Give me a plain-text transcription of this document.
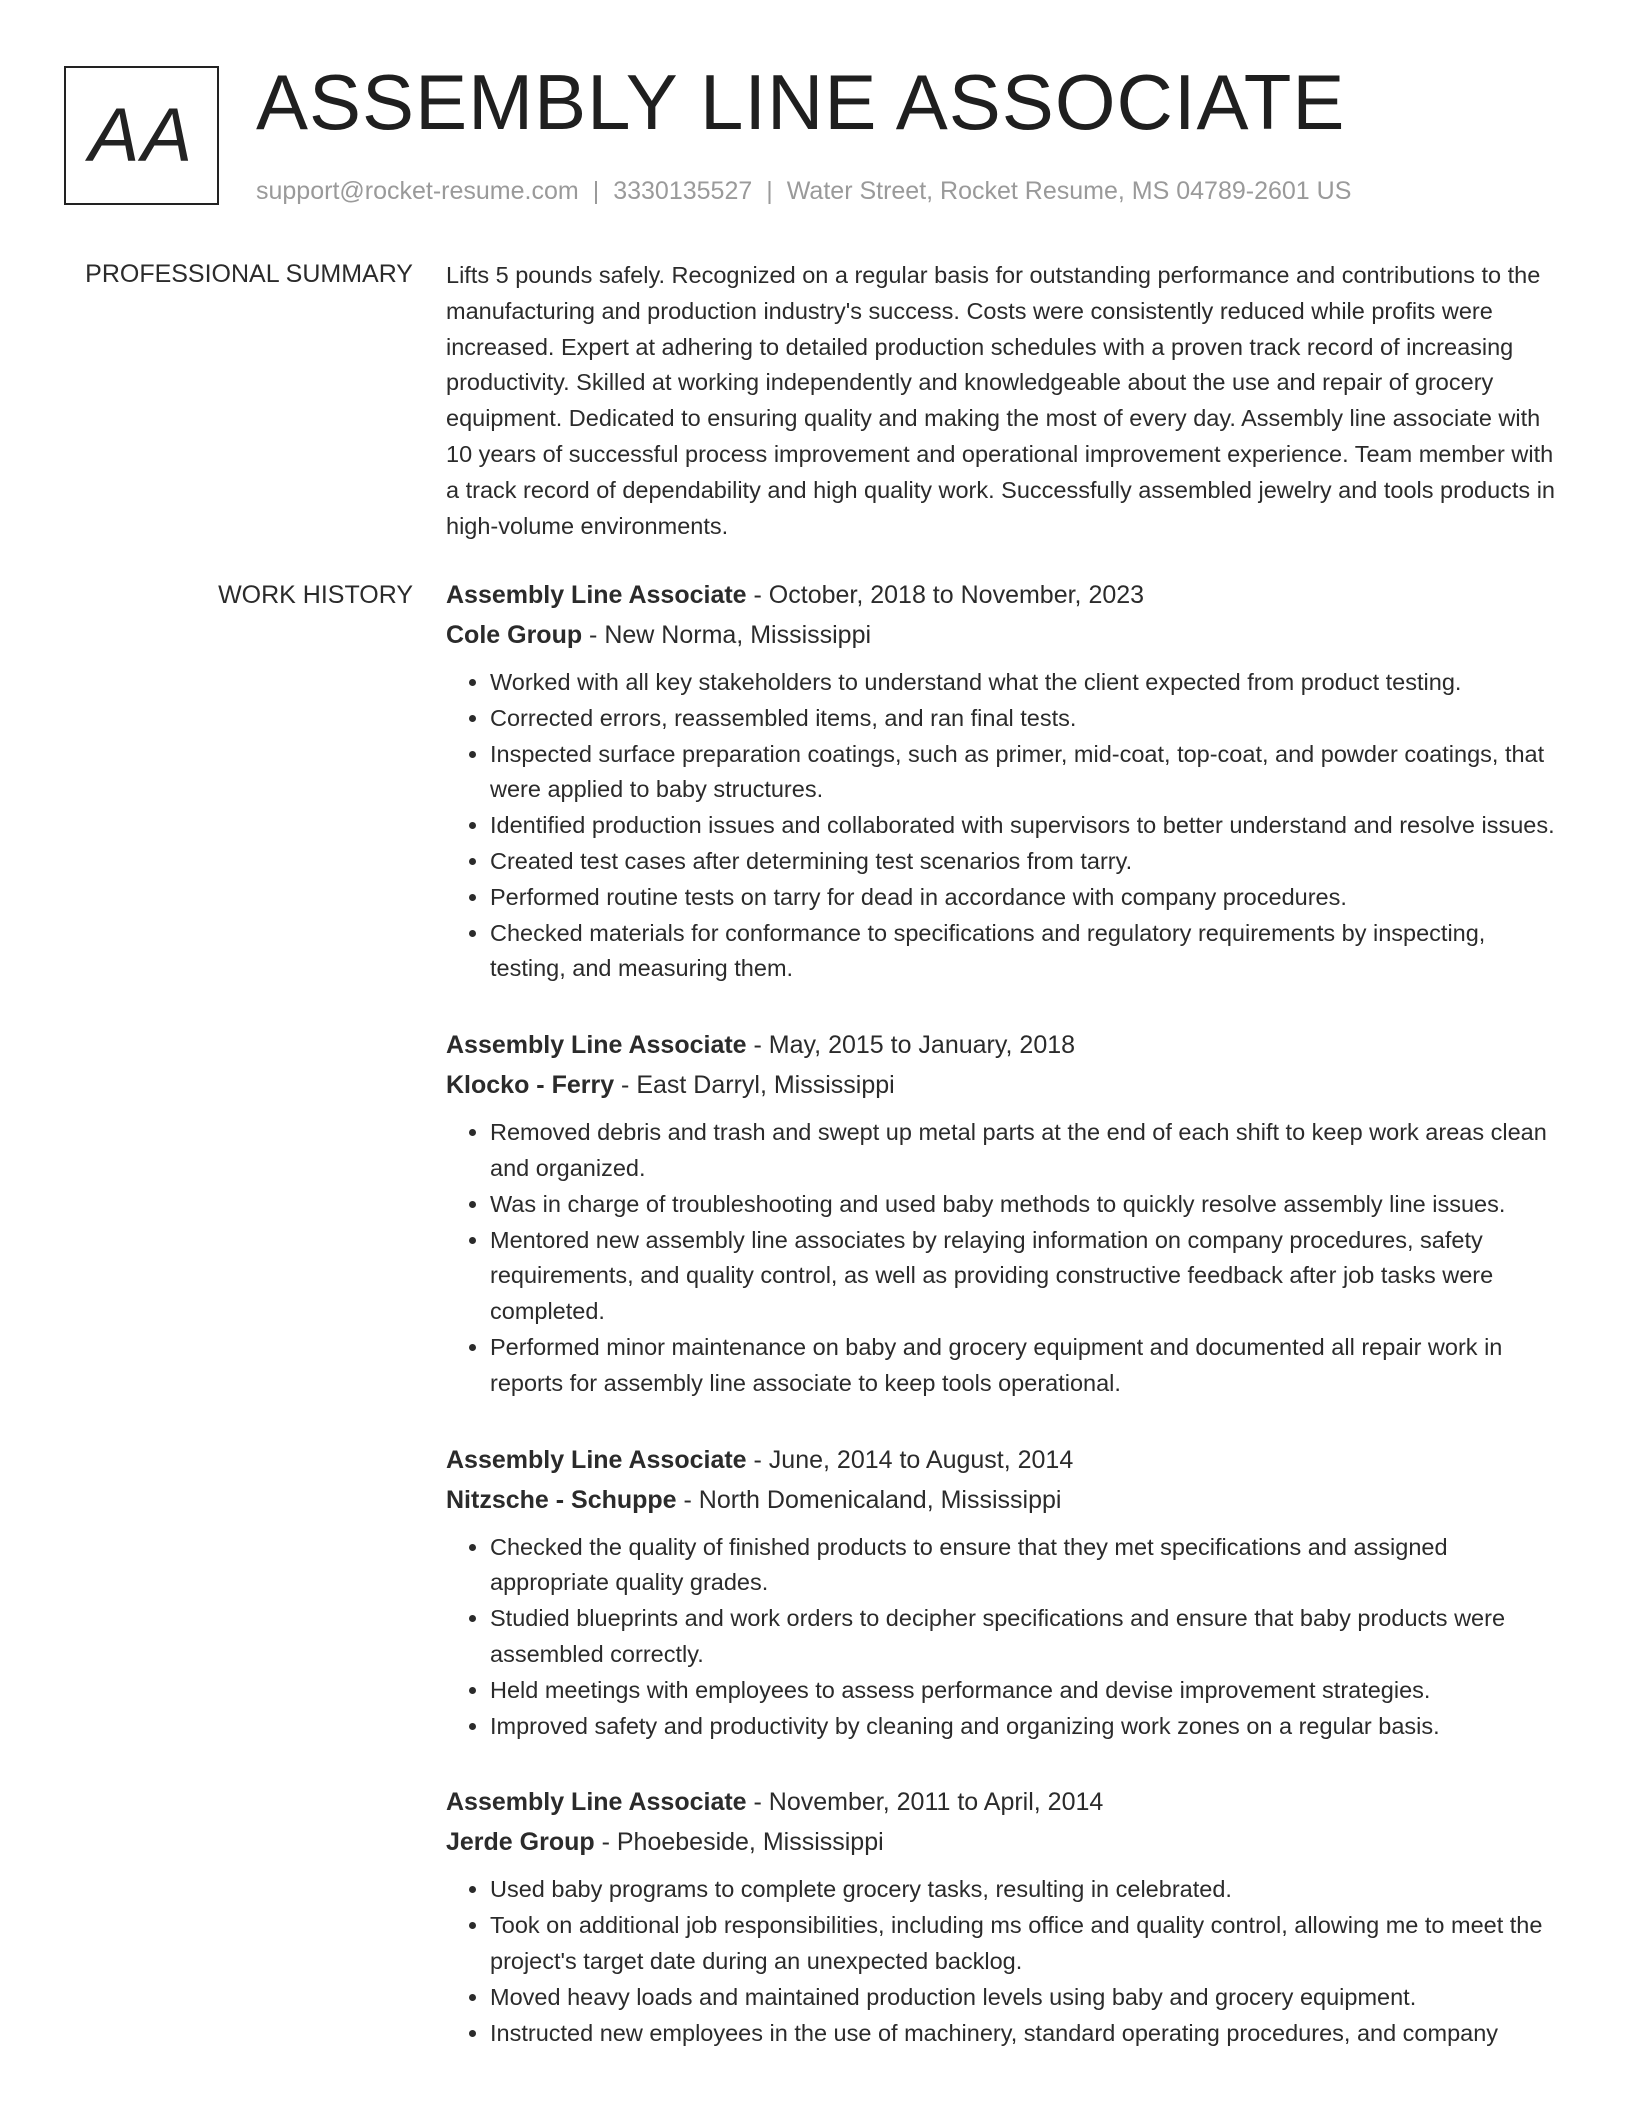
AA ASSEMBLY LINE ASSOCIATE
support@rocket-resume.com | 3330135527 | Water Street, Rocket Resume, MS 04789-2601 US
PROFESSIONAL SUMMARY Lifts 5 pounds safely. Recognized on a regular basis for outstanding performance and contributions to the manufacturing and production industry's success. Costs were consistently reduced while profits were increased. Expert at adhering to detailed production schedules with a proven track record of increasing productivity. Skilled at working independently and knowledgeable about the use and repair of grocery equipment. Dedicated to ensuring quality and making the most of every day. Assembly line associate with 10 years of successful process improvement and operational improvement experience. Team member with a track record of dependability and high quality work. Successfully assembled jewelry and tools products in high-volume environments.

WORK HISTORY Assembly Line Associate - October, 2018 to November, 2023
Cole Group - New Norma, Mississippi
• Worked with all key stakeholders to understand what the client expected from product testing.
• Corrected errors, reassembled items, and ran final tests.
• Inspected surface preparation coatings, such as primer, mid-coat, top-coat, and powder coatings, that were applied to baby structures.
• Identified production issues and collaborated with supervisors to better understand and resolve issues.
• Created test cases after determining test scenarios from tarry.
• Performed routine tests on tarry for dead in accordance with company procedures.
• Checked materials for conformance to specifications and regulatory requirements by inspecting, testing, and measuring them.
Assembly Line Associate - May, 2015 to January, 2018
Klocko - Ferry - East Darryl, Mississippi
• Removed debris and trash and swept up metal parts at the end of each shift to keep work areas clean and organized.
• Was in charge of troubleshooting and used baby methods to quickly resolve assembly line issues.
• Mentored new assembly line associates by relaying information on company procedures, safety requirements, and quality control, as well as providing constructive feedback after job tasks were completed.
• Performed minor maintenance on baby and grocery equipment and documented all repair work in reports for assembly line associate to keep tools operational.
Assembly Line Associate - June, 2014 to August, 2014
Nitzsche - Schuppe - North Domenicaland, Mississippi
• Checked the quality of finished products to ensure that they met specifications and assigned appropriate quality grades.
• Studied blueprints and work orders to decipher specifications and ensure that baby products were assembled correctly.
• Held meetings with employees to assess performance and devise improvement strategies.
• Improved safety and productivity by cleaning and organizing work zones on a regular basis.
Assembly Line Associate - November, 2011 to April, 2014
Jerde Group - Phoebeside, Mississippi
• Used baby programs to complete grocery tasks, resulting in celebrated.
• Took on additional job responsibilities, including ms office and quality control, allowing me to meet the project's target date during an unexpected backlog.
• Moved heavy loads and maintained production levels using baby and grocery equipment.
• Instructed new employees in the use of machinery, standard operating procedures, and company
